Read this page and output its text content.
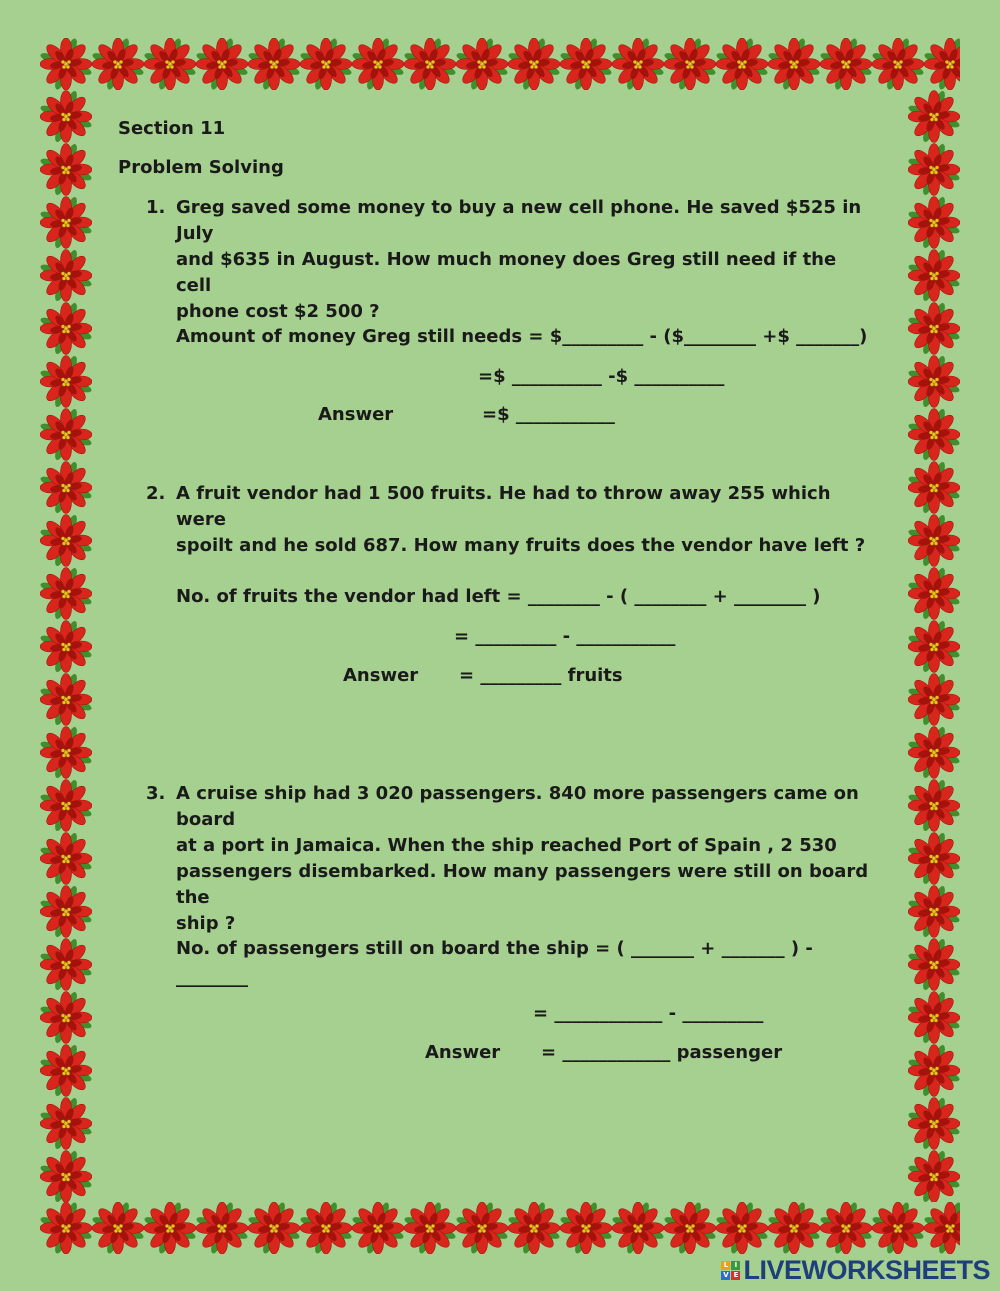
Section 11
Problem Solving
1. Greg saved some money to buy a new cell phone. He saved $525 in July
and $635 in August. How much money does Greg still need if the cell
phone cost $2 500 ?
Amount of money Greg still needs = $_________ - ($________ +$ _______)
=$ __________ -$ __________
Answer	=$ ___________
2. A fruit vendor had 1 500 fruits. He had to throw away 255 which were
spoilt and he sold 687. How many fruits does the vendor have left ?
No. of fruits the vendor had left = ________ - ( ________ + ________ )
= _________ - ___________
Answer = _________ fruits
3. A cruise ship had 3 020 passengers. 840 more passengers came on board
at a port in Jamaica. When the ship reached Port of Spain , 2 530
passengers disembarked. How many passengers were still on board the
ship ?
No. of passengers still on board the ship = ( _______ + _______ ) -
________
= ____________ - _________
Answer = ____________ passenger
L I
V E LIVEWORKSHEETS
